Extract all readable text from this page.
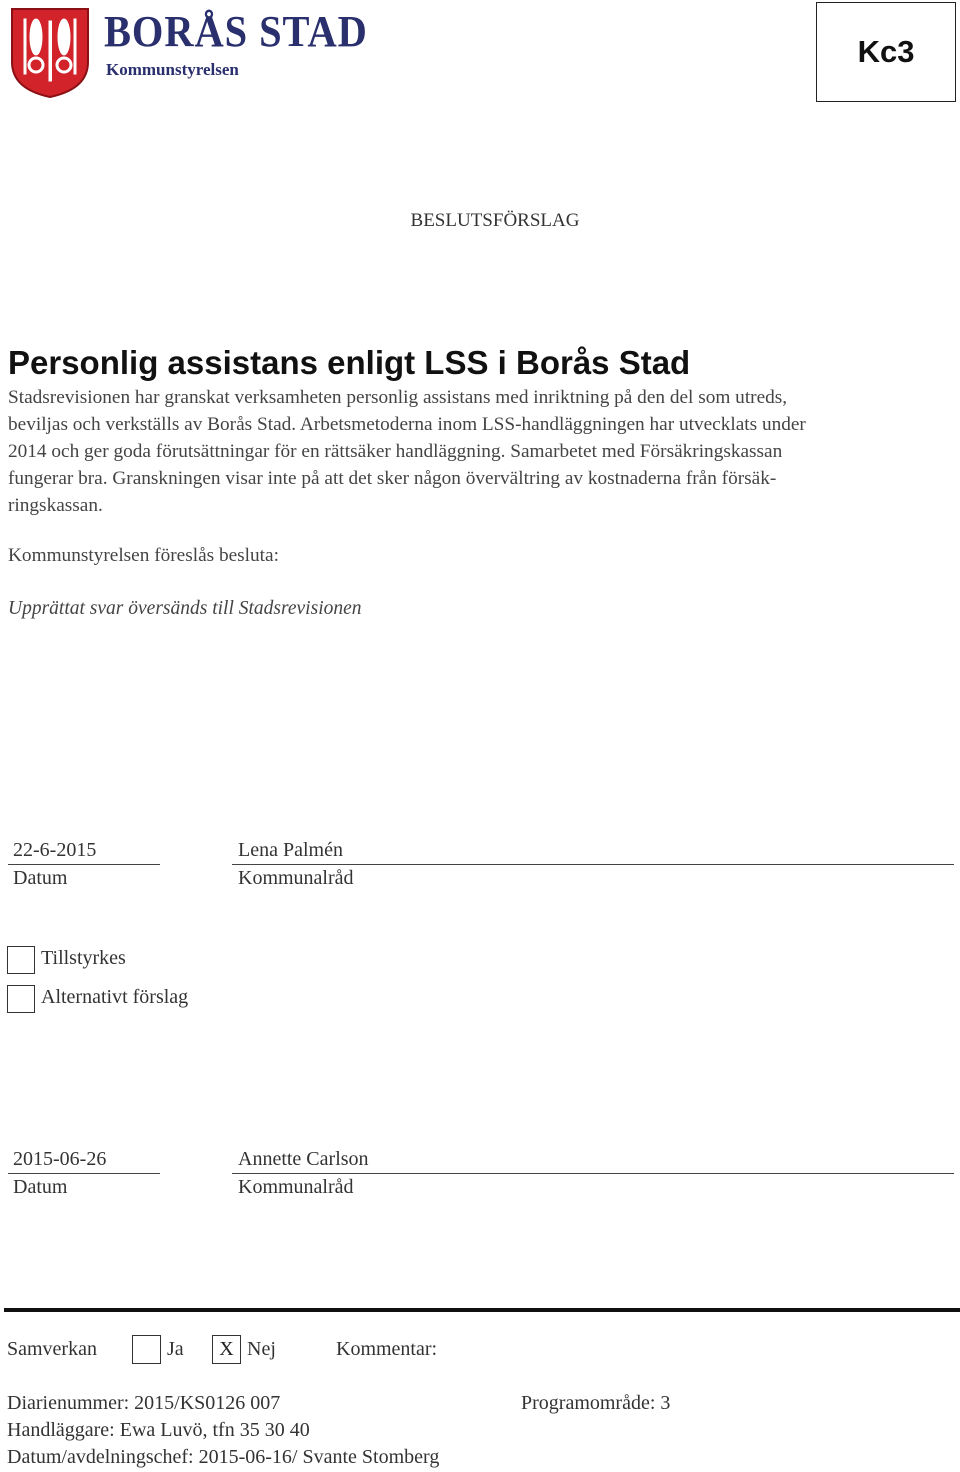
BORÅS STAD
Kommunstyrelsen
Kc3
BESLUTSFÖRSLAG
Personlig assistans enligt LSS i Borås Stad
Stadsrevisionen har granskat verksamheten personlig assistans med inriktning på den del som utreds,
beviljas och verkställs av Borås Stad. Arbetsmetoderna inom LSS-handläggningen har utvecklats under
2014 och ger goda förutsättningar för en rättsäker handläggning. Samarbetet med Försäkringskassan
fungerar bra. Granskningen visar inte på att det sker någon övervältring av kostnaderna från försäk-
ringskassan.
Kommunstyrelsen föreslås besluta:
Upprättat svar översänds till Stadsrevisionen
22-6-2015
Datum
Lena Palmén
Kommunalråd
Tillstyrkes
Alternativt förslag
2015-06-26
Datum
Annette Carlson
Kommunalråd
Samverkan	Ja	X Nej	Kommentar:
Diarienummer: 2015/KS0126 007	Programområde: 3
Handläggare: Ewa Luvö, tfn 35 30 40
Datum/avdelningschef: 2015-06-16/ Svante Stomberg
